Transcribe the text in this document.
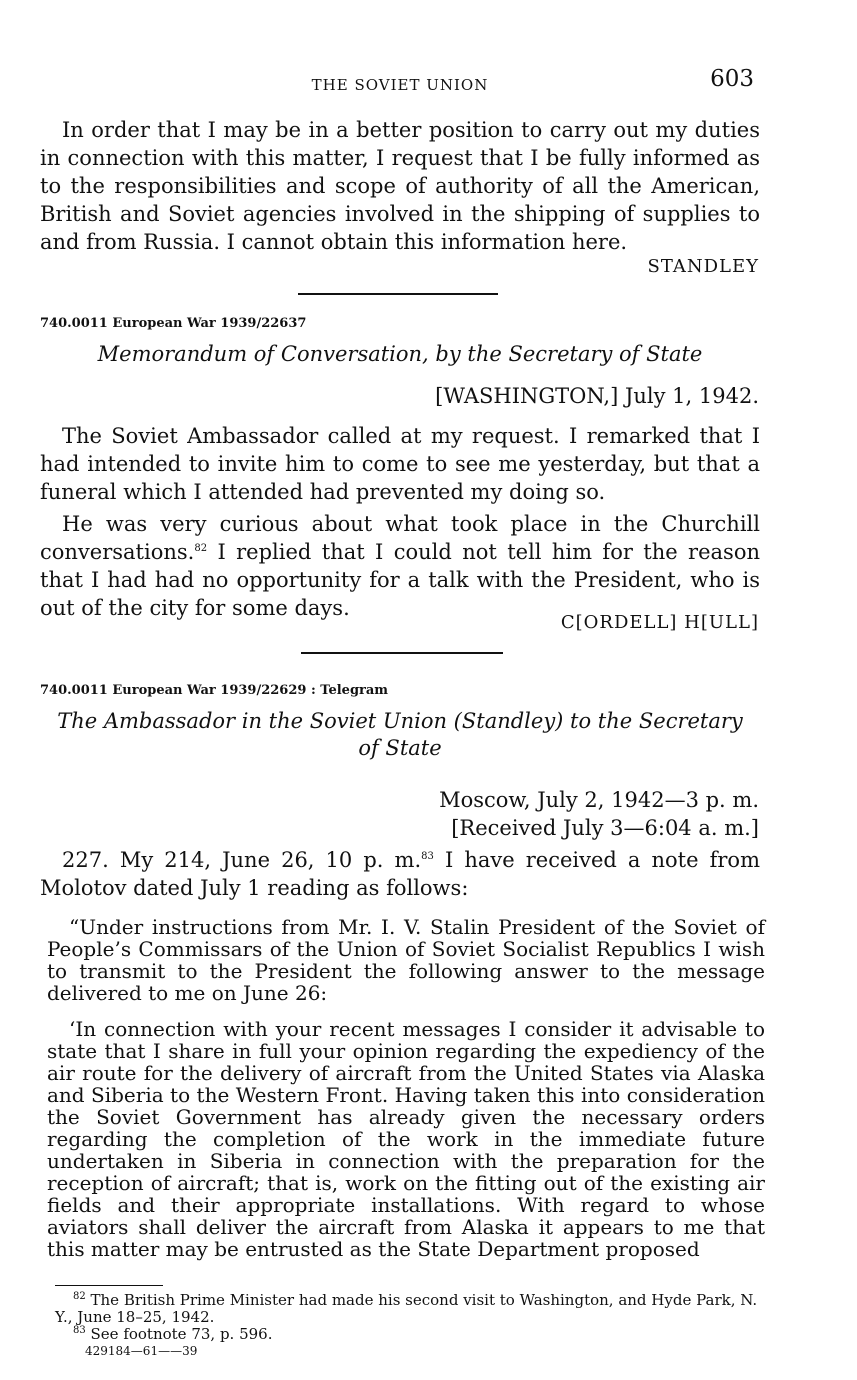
THE SOVIET UNION	603

In order that I may be in a better position to carry out my duties in connection with this matter, I request that I be fully informed as to the responsibilities and scope of authority of all the American, British and Soviet agencies involved in the shipping of supplies to and from Russia. I cannot obtain this information here.

STANDLEY
740.0011 European War 1939/22637
Memorandum of Conversation, by the Secretary of State
[WASHINGTON,] July 1, 1942.

The Soviet Ambassador called at my request. I remarked that I had intended to invite him to come to see me yesterday, but that a funeral which I attended had prevented my doing so.

He was very curious about what took place in the Churchill conversations.$^{82}$ I replied that I could not tell him for the reason that I had had no opportunity for a talk with the President, who is out of the city for some days.

C[ORDELL] H[ULL]
740.0011 European War 1939/22629 : Telegram
The Ambassador in the Soviet Union (Standley) to the Secretary
of State
Moscow, July 2, 1942—3 p. m.
[Received July 3—6:04 a. m.]

227. My 214, June 26, 10 p. m.$^{83}$ I have received a note from Molotov dated July 1 reading as follows:

“Under instructions from Mr. I. V. Stalin President of the Soviet of People’s Commissars of the Union of Soviet Socialist Republics I wish to transmit to the President the following answer to the message delivered to me on June 26:

‘In connection with your recent messages I consider it advisable to state that I share in full your opinion regarding the expediency of the air route for the delivery of aircraft from the United States via Alaska and Siberia to the Western Front. Having taken this into consideration the Soviet Government has already given the necessary orders regarding the completion of the work in the immediate future undertaken in Siberia in connection with the preparation for the reception of aircraft; that is, work on the fitting out of the existing air fields and their appropriate installations. With regard to whose aviators shall deliver the aircraft from Alaska it appears to me that this matter may be entrusted as the State Department proposed

$^{82}$ The British Prime Minister had made his second visit to Washington, and Hyde Park, N. Y., June 18–25, 1942.

$^{83}$ See footnote 73, p. 596.

429184—61——39
